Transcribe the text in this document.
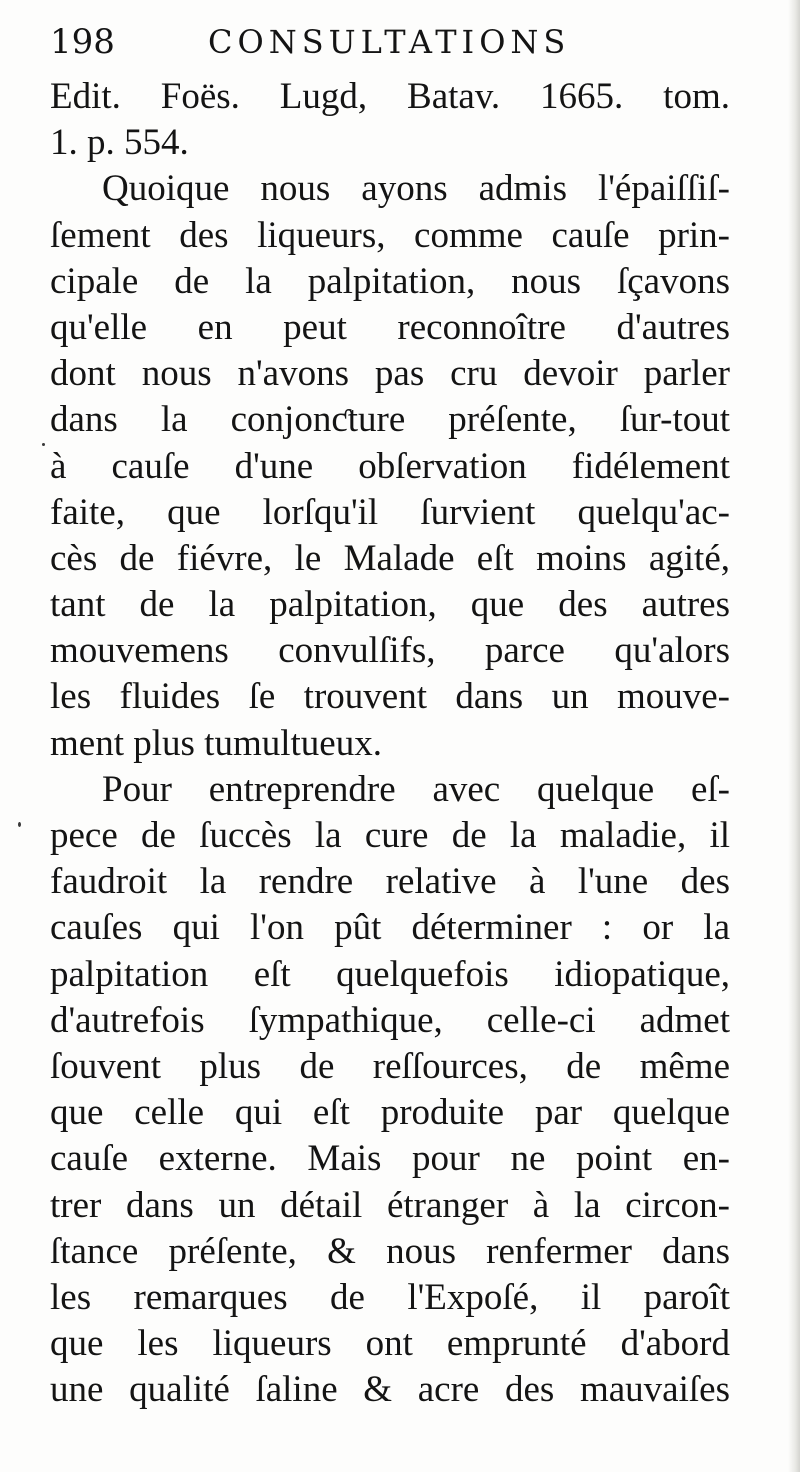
198	CONSULTATIONS
Edit. Foës. Lugd, Batav. 1665. tom.
1. p. 554.
Quoique nous ayons admis l'épaiſſiſ-
ſement des liqueurs, comme cauſe prin-
cipale de la palpitation, nous ſçavons
qu'elle en peut reconnoître d'autres
dont nous n'avons pas cru devoir parler
dans la conjonƈture préſente, ſur-tout
à cauſe d'une obſervation fidélement
faite, que lorſqu'il ſurvient quelqu'ac-
cès de fiévre, le Malade eſt moins agité,
tant de la palpitation, que des autres
mouvemens convulſifs, parce qu'alors
les fluides ſe trouvent dans un mouve-
ment plus tumultueux.
Pour entreprendre avec quelque eſ-
pece de ſuccès la cure de la maladie, il
faudroit la rendre relative à l'une des
cauſes qui l'on pût déterminer : or la
palpitation eſt quelquefois idiopatique,
d'autrefois ſympathique, celle-ci admet
ſouvent plus de reſſources, de même
que celle qui eſt produite par quelque
cauſe externe. Mais pour ne point en-
trer dans un détail étranger à la circon-
ſtance préſente, & nous renfermer dans
les remarques de l'Expoſé, il paroît
que les liqueurs ont emprunté d'abord
une qualité ſaline & acre des mauvaiſes
